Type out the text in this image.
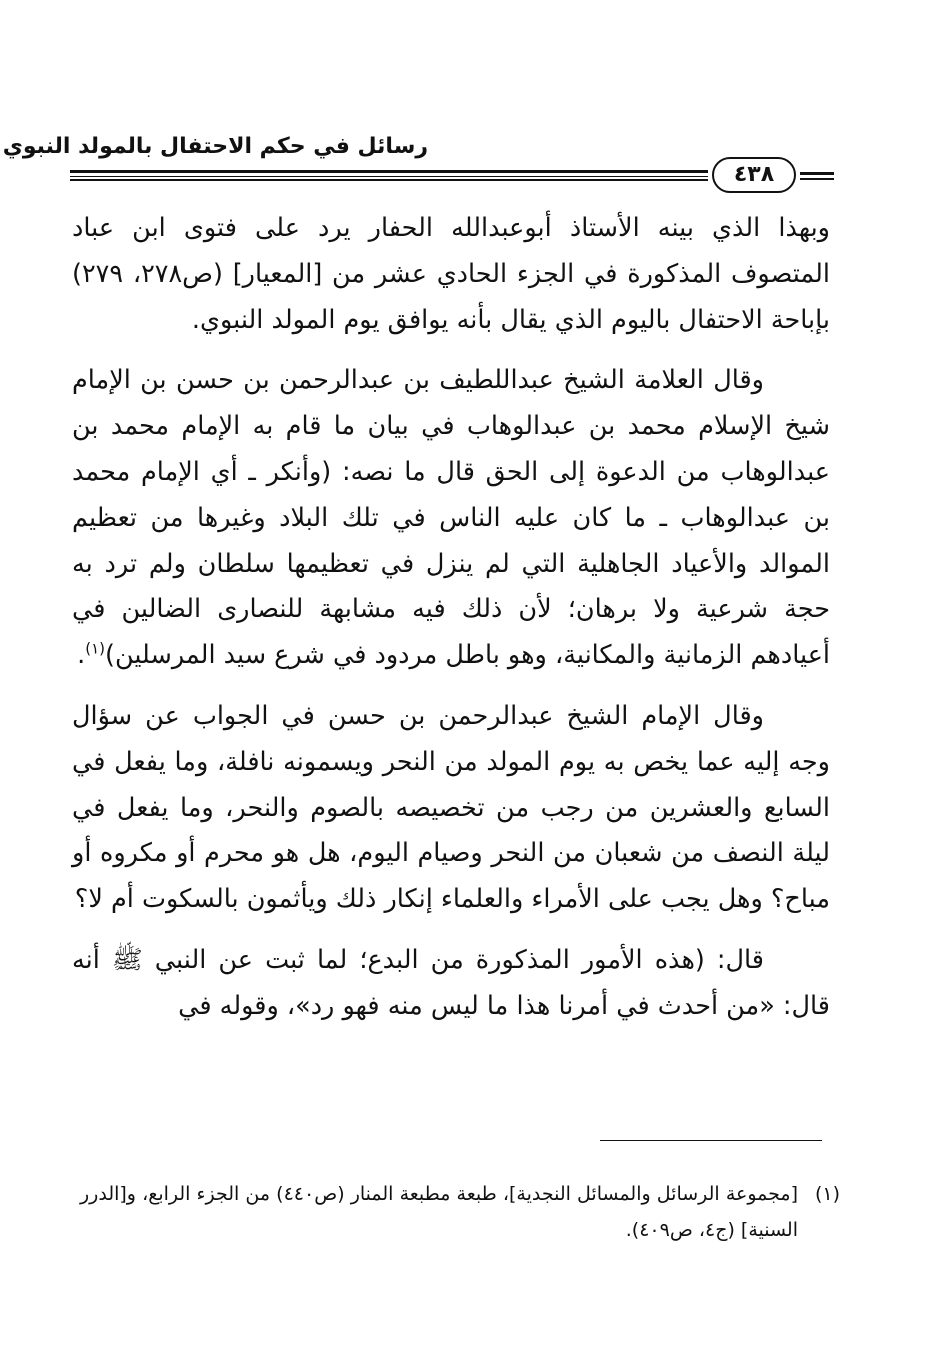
رسائل في حكم الاحتفال بالمولد النبوي
٤٣٨

وبهذا الذي بينه الأستاذ أبوعبدالله الحفار يرد على فتوى ابن عباد المتصوف المذكورة في الجزء الحادي عشر من [المعيار] (ص٢٧٨، ٢٧٩) بإباحة الاحتفال باليوم الذي يقال بأنه يوافق يوم المولد النبوي.

وقال العلامة الشيخ عبداللطيف بن عبدالرحمن بن حسن بن الإمام شيخ الإسلام محمد بن عبدالوهاب في بيان ما قام به الإمام محمد بن عبدالوهاب من الدعوة إلى الحق قال ما نصه: (وأنكر ـ أي الإمام محمد بن عبدالوهاب ـ ما كان عليه الناس في تلك البلاد وغيرها من تعظيم الموالد والأعياد الجاهلية التي لم ينزل في تعظيمها سلطان ولم ترد به حجة شرعية ولا برهان؛ لأن ذلك فيه مشابهة للنصارى الضالين في أعيادهم الزمانية والمكانية، وهو باطل مردود في شرع سيد المرسلين)$^{(١)}$.

وقال الإمام الشيخ عبدالرحمن بن حسن في الجواب عن سؤال وجه إليه عما يخص به يوم المولد من النحر ويسمونه نافلة، وما يفعل في السابع والعشرين من رجب من تخصيصه بالصوم والنحر، وما يفعل في ليلة النصف من شعبان من النحر وصيام اليوم، هل هو محرم أو مكروه أو مباح؟ وهل يجب على الأمراء والعلماء إنكار ذلك ويأثمون بالسكوت أم لا؟

قال: (هذه الأمور المذكورة من البدع؛ لما ثبت عن النبي ﷺ أنه قال: «من أحدث في أمرنا هذا ما ليس منه فهو رد»، وقوله في

(١)
[مجموعة الرسائل والمسائل النجدية]، طبعة مطبعة المنار (ص٤٤٠) من الجزء الرابع، و[الدرر السنية] (ج٤، ص٤٠٩).
